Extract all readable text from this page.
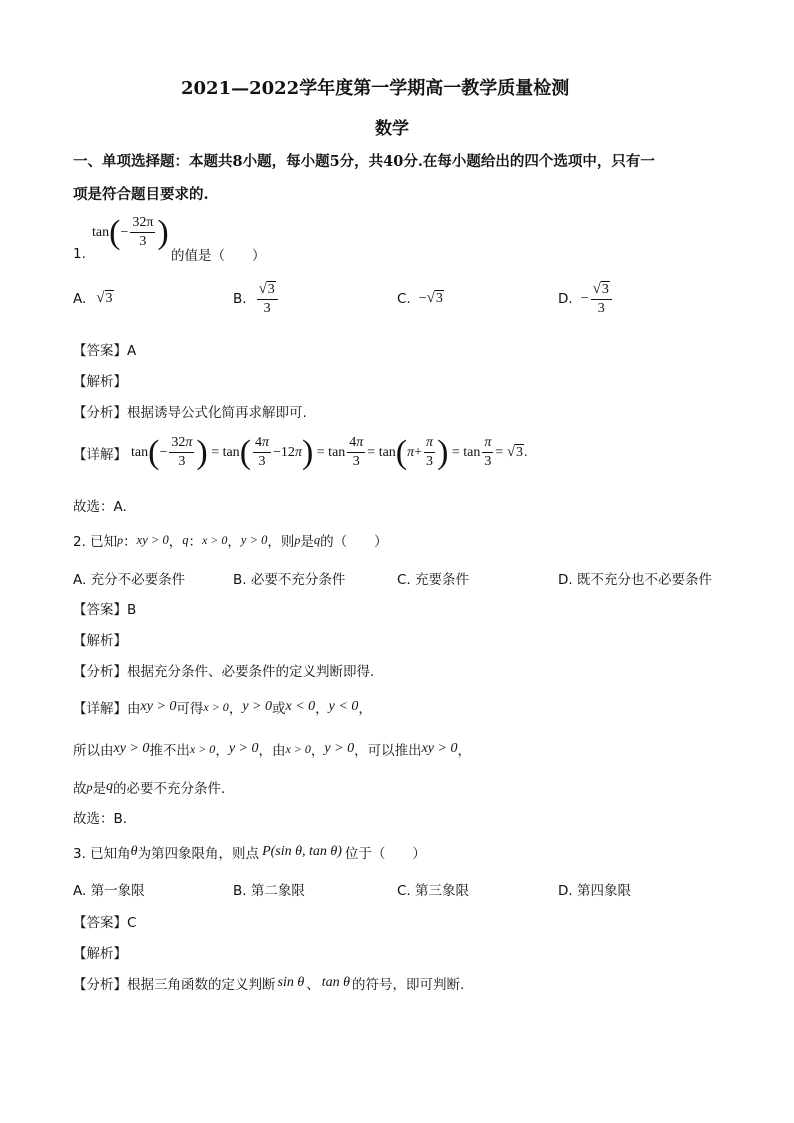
2021—2022学年度第一学期高一教学质量检测
数学
一、单项选择题：本题共8小题，每小题5分，共40分.在每小题给出的四个选项中，只有一
项是符合题目要求的.
tan ( − $\frac{32\pi}{3}$ )
1.	的值是（　　）
A. √ 3	B. $\frac{√3}{3}$	C. − √ 3	D. − $\frac{√3}{3}$
【答案】A
【解析】
【分析】根据诱导公式化简再求解即可.
【详解】 tan ( − $\frac{32\pi}{3}$ ) = tan ( $\frac{4\pi}{3} -12\pi$ ) = $\tan \frac{4\pi}{3} = \tan$ ( $\pi+ \frac{\pi}{3}$ ) = $\tan \frac{\pi}{3}$ = √ 3 .
故选：A.
2. 已知 p ： xy > 0 ， q ： x > 0 ， y > 0 ，则 p 是 q 的（　　）
A. 充分不必要条件	B. 必要不充分条件	C. 充要条件	D. 既不充分也不必要条件
【答案】B
【解析】
【分析】根据充分条件、必要条件的定义判断即得.
【详解】由 xy > 0 可得 x > 0 ， y > 0 或 x < 0 ， y < 0 ，
所以由 xy > 0 推不出 x > 0 ， y > 0 ，由 x > 0 ， y > 0 ，可以推出 xy > 0 ，
故 p 是 q 的必要不充分条件.
故选：B.
3. 已知角 θ 为第四象限角，则点 P(sin θ, tan θ) 位于（　　）
A. 第一象限	B. 第二象限	C. 第三象限	D. 第四象限
【答案】C
【解析】
【分析】根据三角函数的定义判断 sin θ 、 tan θ 的符号，即可判断.
